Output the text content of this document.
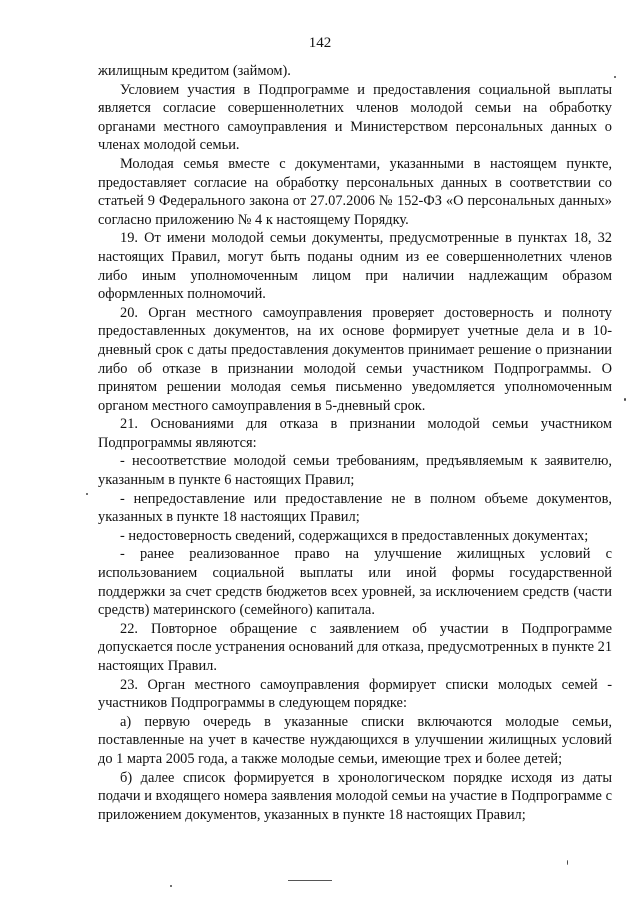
142

жилищным кредитом (займом).

Условием участия в Подпрограмме и предоставления социальной выплаты является согласие совершеннолетних членов молодой семьи на обработку органами местного самоуправления и Министерством персональных данных о членах молодой семьи.

Молодая семья вместе с документами, указанными в настоящем пункте, предоставляет согласие на обработку персональных данных в соответствии со статьей 9 Федерального закона от 27.07.2006 № 152-ФЗ «О персональных данных» согласно приложению № 4 к настоящему Порядку.

19. От имени молодой семьи документы, предусмотренные в пунктах 18, 32 настоящих Правил, могут быть поданы одним из ее совершеннолетних членов либо иным уполномоченным лицом при наличии надлежащим образом оформленных полномочий.

20. Орган местного самоуправления проверяет достоверность и полноту предоставленных документов, на их основе формирует учетные дела и в 10-дневный срок с даты предоставления документов принимает решение о признании либо об отказе в признании молодой семьи участником Подпрограммы. О принятом решении молодая семья письменно уведомляется уполномоченным органом местного самоуправления в 5-дневный срок.

21. Основаниями для отказа в признании молодой семьи участником Подпрограммы являются:

- несоответствие молодой семьи требованиям, предъявляемым к заявителю, указанным в пункте 6 настоящих Правил;

- непредоставление или предоставление не в полном объеме документов, указанных в пункте 18 настоящих Правил;

- недостоверность сведений, содержащихся в предоставленных документах;

- ранее реализованное право на улучшение жилищных условий с использованием социальной выплаты или иной формы государственной поддержки за счет средств бюджетов всех уровней, за исключением средств (части средств) материнского (семейного) капитала.

22. Повторное обращение с заявлением об участии в Подпрограмме допускается после устранения оснований для отказа, предусмотренных в пункте 21 настоящих Правил.

23. Орган местного самоуправления формирует списки молодых семей - участников Подпрограммы в следующем порядке:

а) первую очередь в указанные списки включаются молодые семьи, поставленные на учет в качестве нуждающихся в улучшении жилищных условий до 1 марта 2005 года, а также молодые семьи, имеющие трех и более детей;

б) далее список формируется в хронологическом порядке исходя из даты подачи и входящего номера заявления молодой семьи на участие в Подпрограмме с приложением документов, указанных в пункте 18 настоящих Правил;
